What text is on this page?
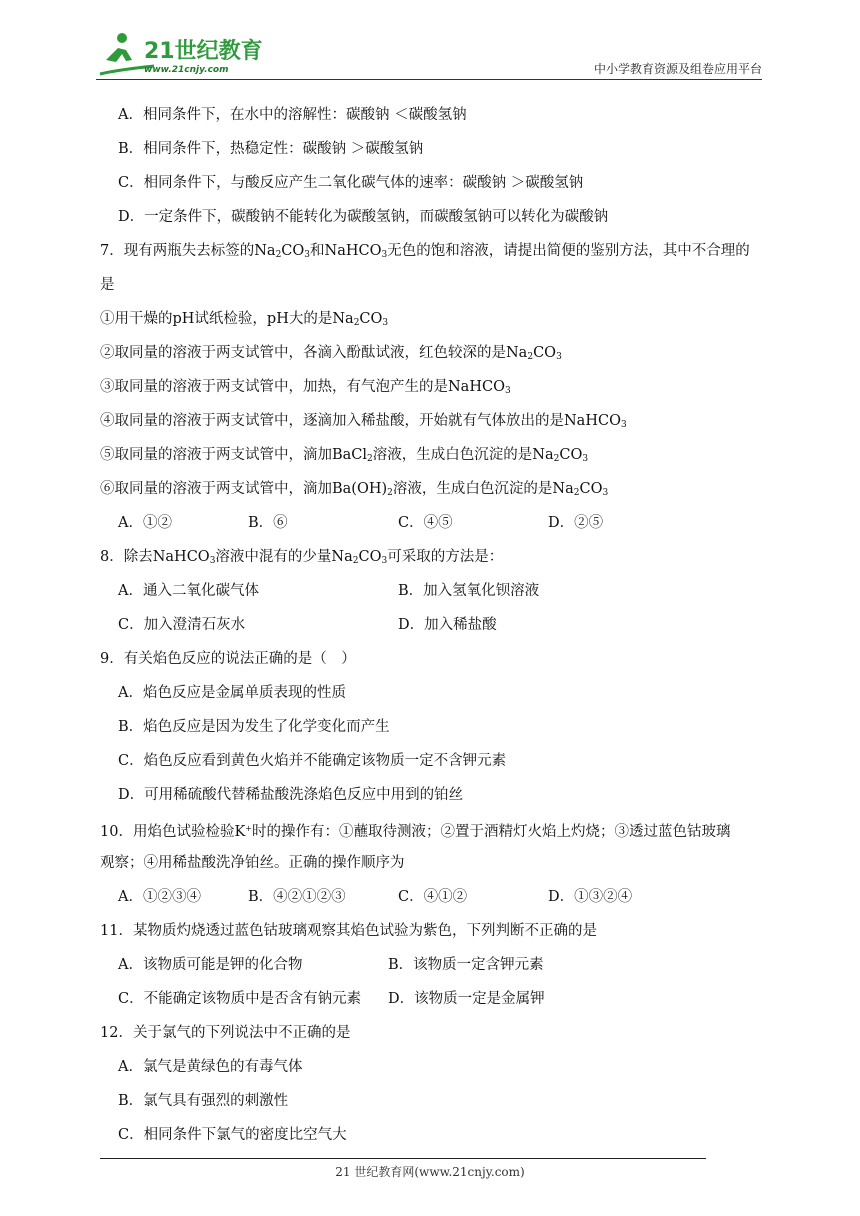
21世纪教育
www.21cnjy.com	中小学教育资源及组卷应用平台
A．相同条件下，在水中的溶解性：碳酸钠 ＜碳酸氢钠
B．相同条件下，热稳定性：碳酸钠 ＞碳酸氢钠
C．相同条件下，与酸反应产生二氧化碳气体的速率：碳酸钠 ＞碳酸氢钠
D．一定条件下，碳酸钠不能转化为碳酸氢钠，而碳酸氢钠可以转化为碳酸钠
7．现有两瓶失去标签的$Na_2CO_3$和NaHCO$_3$无色的饱和溶液，请提出简便的鉴别方法，其中不合理的
是
①用干燥的pH试纸检验，pH大的是$Na_2CO_3$
②取同量的溶液于两支试管中，各滴入酚酞试液，红色较深的是$Na_2CO_3$
③取同量的溶液于两支试管中，加热，有气泡产生的是NaHCO$_3$
④取同量的溶液于两支试管中，逐滴加入稀盐酸，开始就有气体放出的是NaHCO$_3$
⑤取同量的溶液于两支试管中，滴加BaCl$_2$溶液，生成白色沉淀的是$Na_2CO_3$
⑥取同量的溶液于两支试管中，滴加$Ba(OH)_2$溶液，生成白色沉淀的是$Na_2CO_3$
A．①②	B．⑥	C．④⑤	D．②⑤
8．除去NaHCO$_3$溶液中混有的少量$Na_2CO_3$可采取的方法是：
A．通入二氧化碳气体	B．加入氢氧化钡溶液
C．加入澄清石灰水	D．加入稀盐酸
9．有关焰色反应的说法正确的是（　）
A．焰色反应是金属单质表现的性质
B．焰色反应是因为发生了化学变化而产生
C．焰色反应看到黄色火焰并不能确定该物质一定不含钾元素
D．可用稀硫酸代替稀盐酸洗涤焰色反应中用到的铂丝
10．用焰色试验检验K+时的操作有：①蘸取待测液；②置于酒精灯火焰上灼烧；③透过蓝色钴玻璃
观察；④用稀盐酸洗净铂丝。正确的操作顺序为
A．①②③④	B．④②①②③	C．④①②	D．①③②④
11．某物质灼烧透过蓝色钴玻璃观察其焰色试验为紫色，下列判断不正确的是
A．该物质可能是钾的化合物	B．该物质一定含钾元素
C．不能确定该物质中是否含有钠元素	D．该物质一定是金属钾
12．关于氯气的下列说法中不正确的是
A．氯气是黄绿色的有毒气体
B．氯气具有强烈的刺激性
C．相同条件下氯气的密度比空气大
21 世纪教育网(www.21cnjy.com)
